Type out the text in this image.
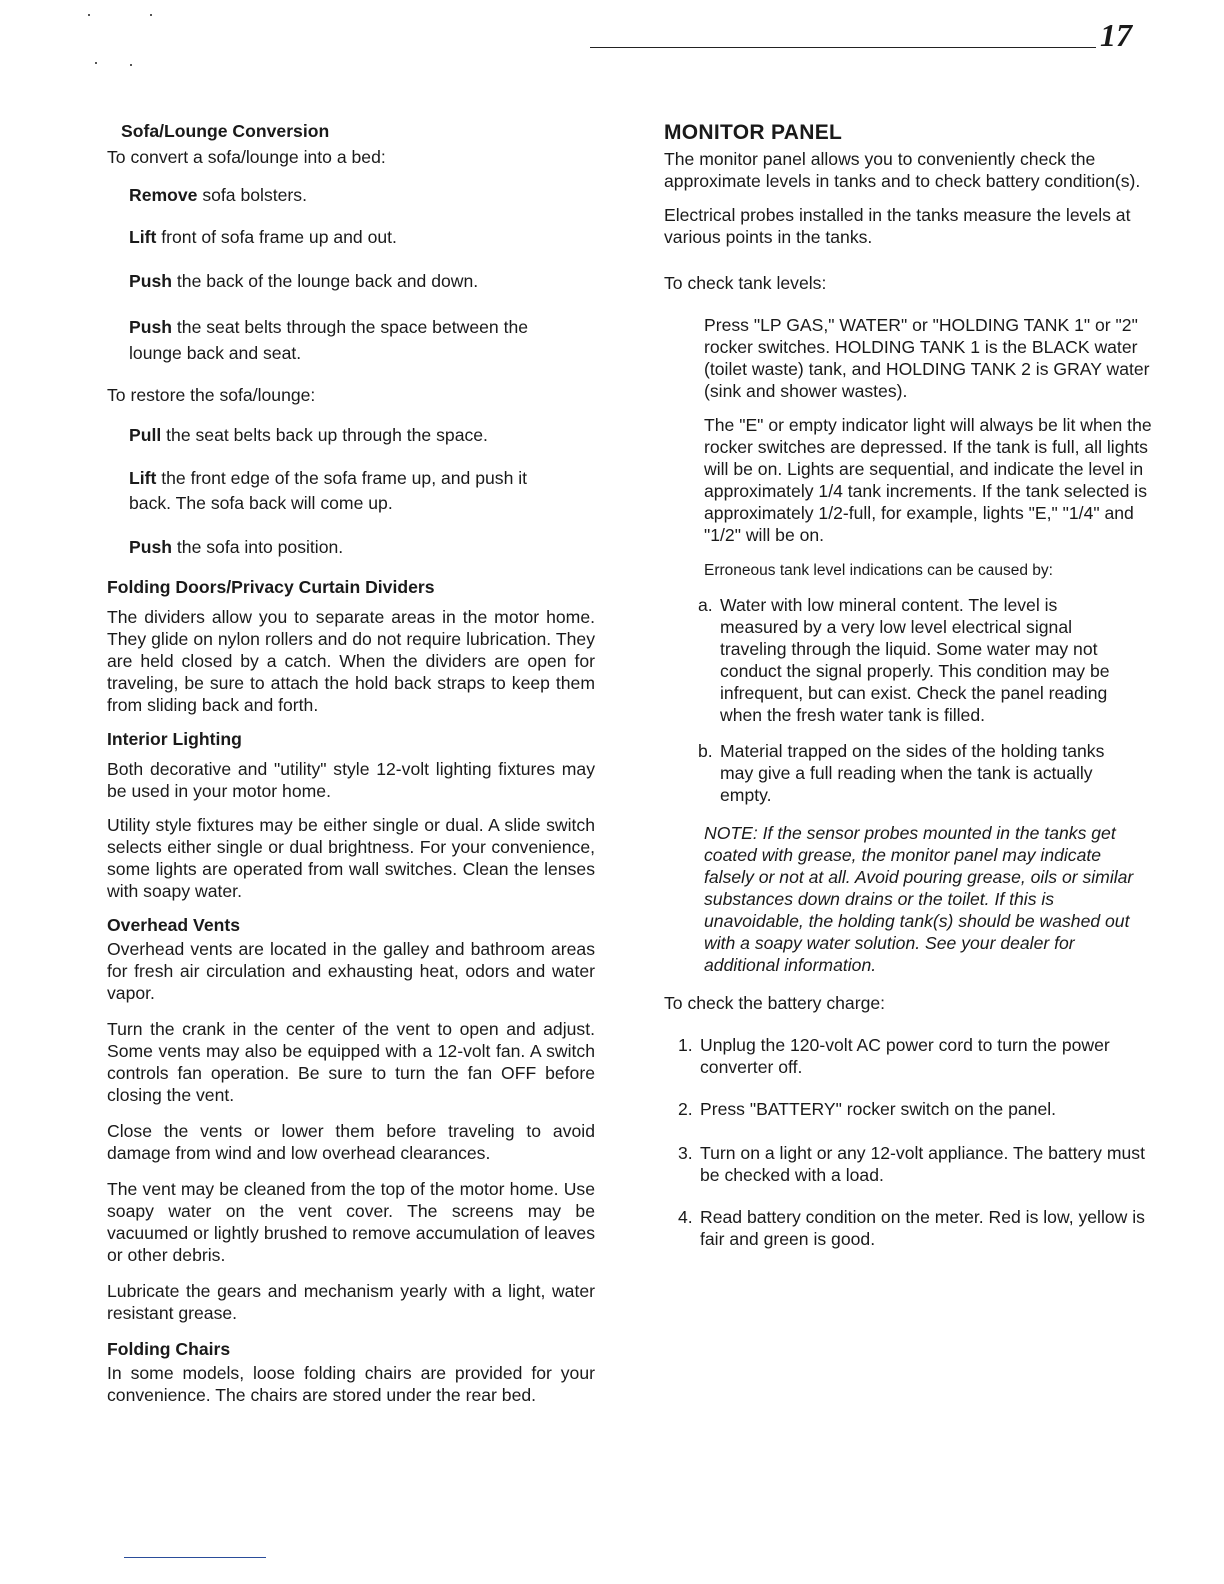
17
Sofa/Lounge Conversion

To convert a sofa/lounge into a bed:

Remove sofa bolsters.

Lift front of sofa frame up and out.

Push the back of the lounge back and down.

Push the seat belts through the space between the lounge back and seat.

To restore the sofa/lounge:

Pull the seat belts back up through the space.

Lift the front edge of the sofa frame up, and push it back. The sofa back will come up.

Push the sofa into position.

Folding Doors/Privacy Curtain Dividers

The dividers allow you to separate areas in the motor home. They glide on nylon rollers and do not require lubrication. They are held closed by a catch. When the dividers are open for traveling, be sure to attach the hold back straps to keep them from sliding back and forth.

Interior Lighting

Both decorative and "utility" style 12-volt lighting fixtures may be used in your motor home.

Utility style fixtures may be either single or dual. A slide switch selects either single or dual brightness. For your convenience, some lights are operated from wall switches. Clean the lenses with soapy water.

Overhead Vents

Overhead vents are located in the galley and bathroom areas for fresh air circulation and exhausting heat, odors and water vapor.

Turn the crank in the center of the vent to open and adjust. Some vents may also be equipped with a 12-volt fan. A switch controls fan operation. Be sure to turn the fan OFF before closing the vent.

Close the vents or lower them before traveling to avoid damage from wind and low overhead clearances.

The vent may be cleaned from the top of the motor home. Use soapy water on the vent cover. The screens may be vacuumed or lightly brushed to remove accumulation of leaves or other debris.

Lubricate the gears and mechanism yearly with a light, water resistant grease.

Folding Chairs

In some models, loose folding chairs are provided for your convenience. The chairs are stored under the rear bed.

MONITOR PANEL

The monitor panel allows you to conveniently check the approximate levels in tanks and to check battery condition(s).

Electrical probes installed in the tanks measure the levels at various points in the tanks.

To check tank levels:

Press "LP GAS," WATER" or "HOLDING TANK 1" or "2" rocker switches. HOLDING TANK 1 is the BLACK water (toilet waste) tank, and HOLDING TANK 2 is GRAY water (sink and shower wastes).

The "E" or empty indicator light will always be lit when the rocker switches are depressed. If the tank is full, all lights will be on. Lights are sequential, and indicate the level in approximately 1/4 tank increments. If the tank selected is approximately 1/2-full, for example, lights "E," "1/4" and "1/2" will be on.

Erroneous tank level indications can be caused by:

a. Water with low mineral content. The level is measured by a very low level electrical signal traveling through the liquid. Some water may not conduct the signal properly. This condition may be infrequent, but can exist. Check the panel reading when the fresh water tank is filled.
b. Material trapped on the sides of the holding tanks may give a full reading when the tank is actually empty.

NOTE: If the sensor probes mounted in the tanks get coated with grease, the monitor panel may indicate falsely or not at all. Avoid pouring grease, oils or similar substances down drains or the toilet. If this is unavoidable, the holding tank(s) should be washed out with a soapy water solution. See your dealer for additional information.

To check the battery charge:

1. Unplug the 120-volt AC power cord to turn the power converter off.
2. Press "BATTERY" rocker switch on the panel.
3. Turn on a light or any 12-volt appliance. The battery must be checked with a load.
4. Read battery condition on the meter. Red is low, yellow is fair and green is good.
